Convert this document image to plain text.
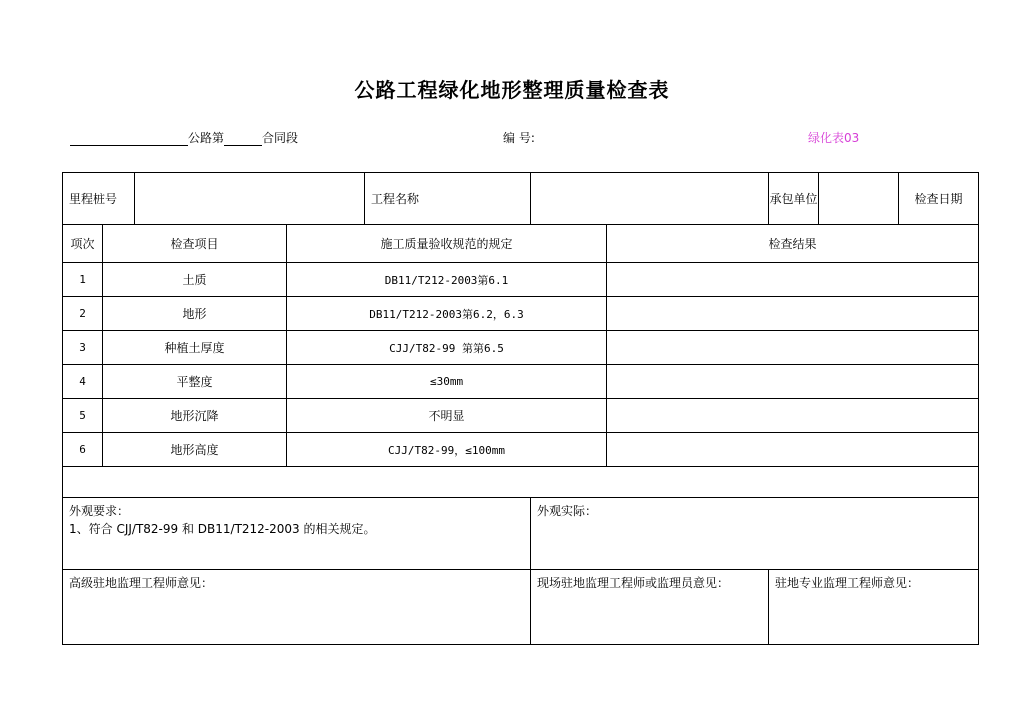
公路工程绿化地形整理质量检查表
公路第	合同段	编 号:	绿化表03
里程桩号				工程名称			承包单位		检查日期	
项次	检查项目		施工质量验收规范的规定			检查结果				
1	土质		DB11/T212-2003第6.1							
2	地形		DB11/T212-2003第6.2，6.3							
3	种植土厚度		CJJ/T82-99 第第6.5							
4	平整度		≤30mm							
5	地形沉降		不明显							
6	地形高度		CJJ/T82-99，≤100mm							

外观要求：
1、符合 CJJ/T82-99 和 DB11/T212-2003 的相关规定。					外观实际：					

高级驻地监理工程师意见：					现场驻地监理工程师或监理员意见：		驻地专业监理工程师意见：			
